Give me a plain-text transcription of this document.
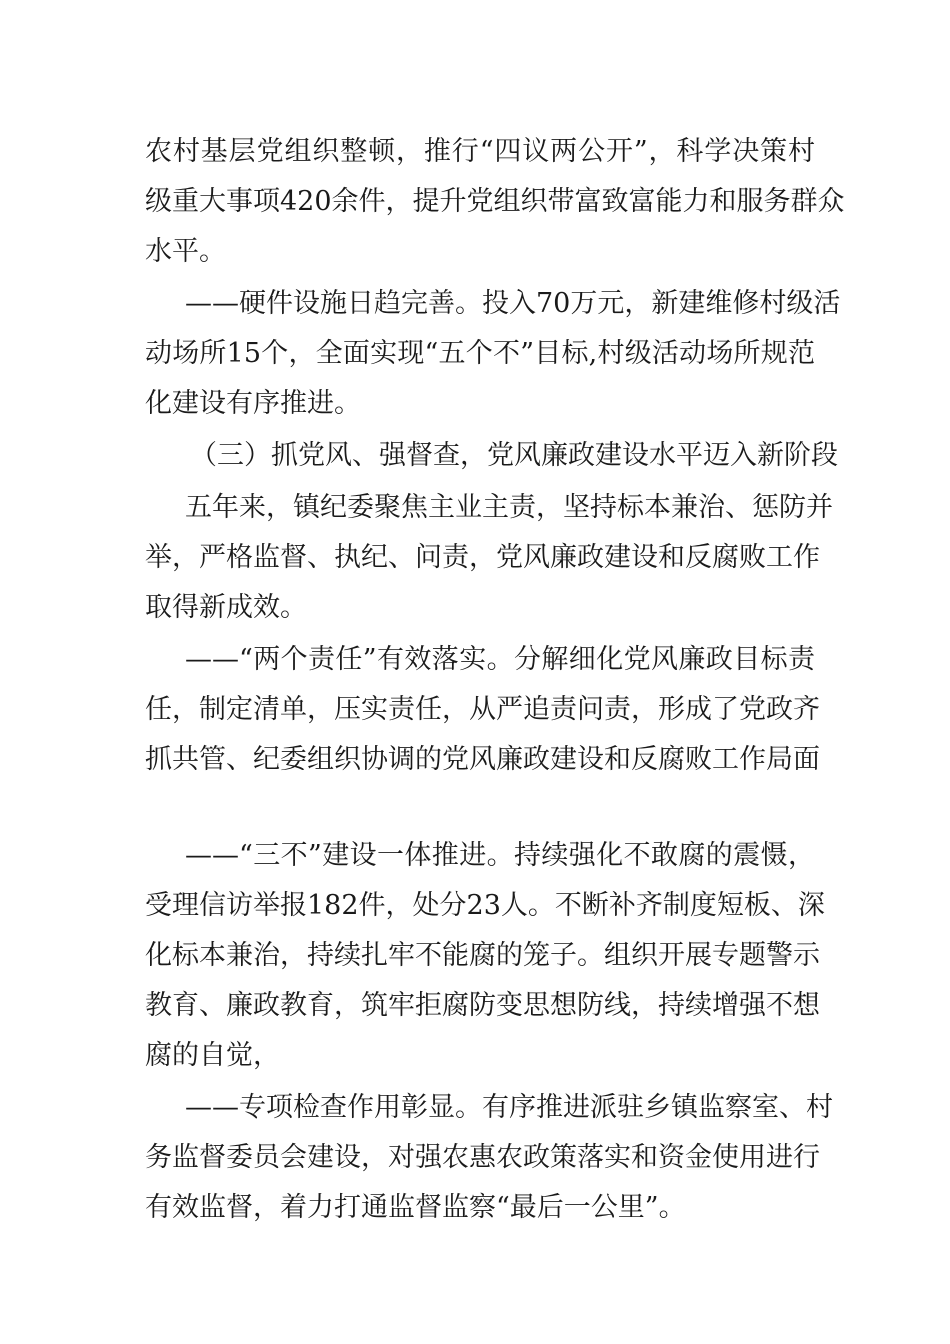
农村基层党组织整顿，推行“四议两公开”，科学决策村
级重大事项420余件，提升党组织带富致富能力和服务群众
水平。
——硬件设施日趋完善。投入70万元，新建维修村级活
动场所15个，全面实现“五个不”目标,村级活动场所规范
化建设有序推进。
（三）抓党风、强督查，党风廉政建设水平迈入新阶段
五年来，镇纪委聚焦主业主责，坚持标本兼治、惩防并
举，严格监督、执纪、问责，党风廉政建设和反腐败工作
取得新成效。
——“两个责任”有效落实。分解细化党风廉政目标责
任，制定清单，压实责任，从严追责问责，形成了党政齐
抓共管、纪委组织协调的党风廉政建设和反腐败工作局面
——“三不”建设一体推进。持续强化不敢腐的震慑，
受理信访举报182件，处分23人。不断补齐制度短板、深
化标本兼治，持续扎牢不能腐的笼子。组织开展专题警示
教育、廉政教育，筑牢拒腐防变思想防线，持续增强不想
腐的自觉，
——专项检查作用彰显。有序推进派驻乡镇监察室、村
务监督委员会建设，对强农惠农政策落实和资金使用进行
有效监督，着力打通监督监察“最后一公里”。
